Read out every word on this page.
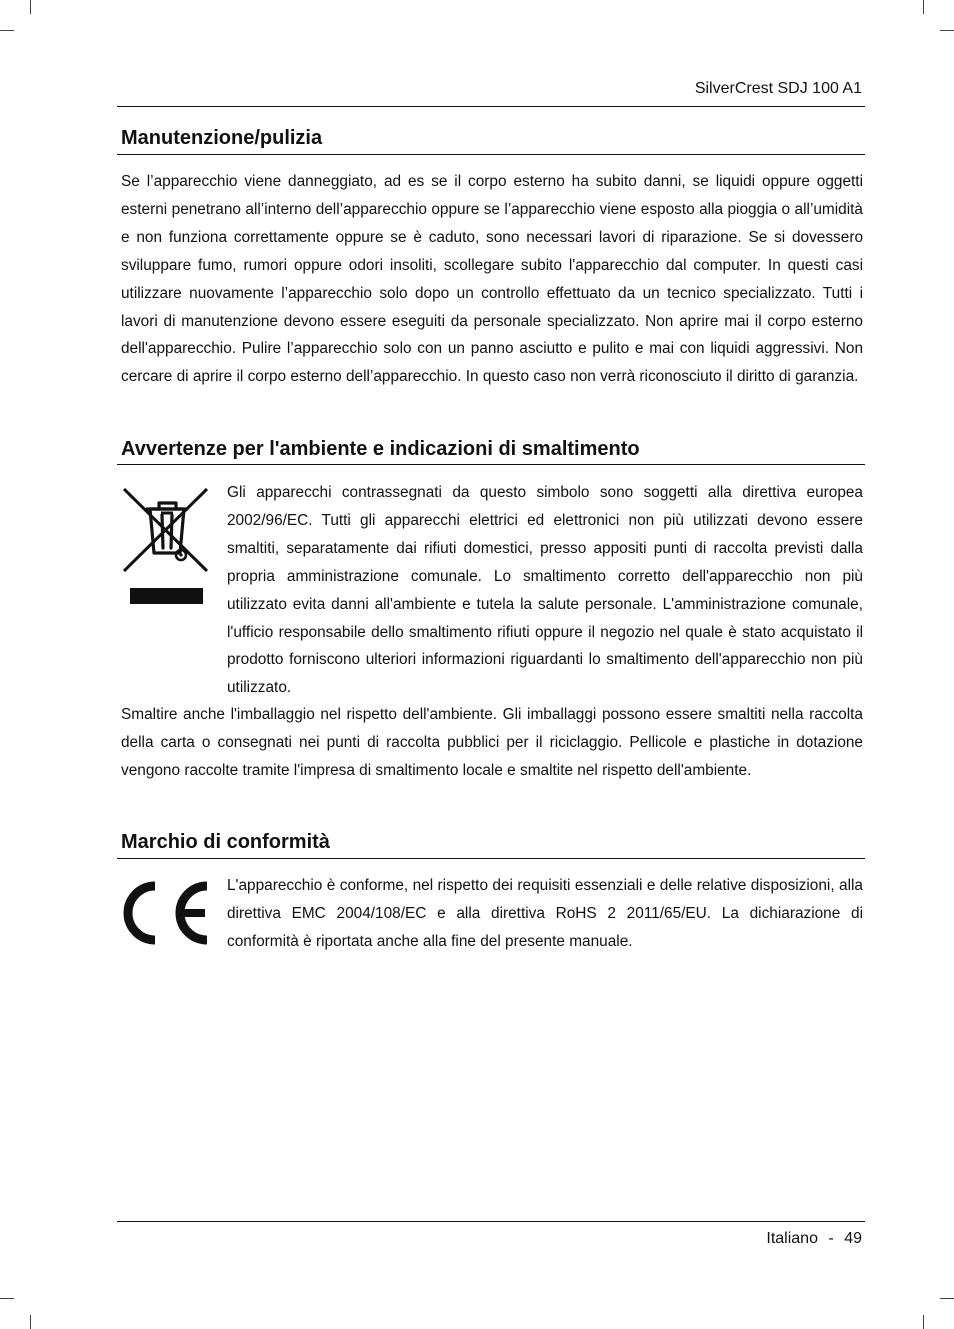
SilverCrest SDJ 100 A1
Manutenzione/pulizia

Se l’apparecchio viene danneggiato, ad es se il corpo esterno ha subito danni, se liquidi oppure oggetti esterni penetrano all’interno dell’apparecchio oppure se l’apparecchio viene esposto alla pioggia o all’umidità e non funziona correttamente oppure se è caduto, sono necessari lavori di riparazione. Se si dovessero sviluppare fumo, rumori oppure odori insoliti, scollegare subito l'apparecchio dal computer. In questi casi utilizzare nuovamente l’apparecchio solo dopo un controllo effettuato da un tecnico specializzato. Tutti i lavori di manutenzione devono essere eseguiti da personale specializzato. Non aprire mai il corpo esterno dell'apparecchio. Pulire l’apparecchio solo con un panno asciutto e pulito e mai con liquidi aggressivi. Non cercare di aprire il corpo esterno dell’apparecchio. In questo caso non verrà riconosciuto il diritto di garanzia.

Avvertenze per l'ambiente e indicazioni di smaltimento

Gli apparecchi contrassegnati da questo simbolo sono soggetti alla direttiva europea 2002/96/EC. Tutti gli apparecchi elettrici ed elettronici non più utilizzati devono essere smaltiti, separatamente dai rifiuti domestici, presso appositi punti di raccolta previsti dalla propria amministrazione comunale. Lo smaltimento corretto dell'apparecchio non più utilizzato evita danni all'ambiente e tutela la salute personale. L'amministrazione comunale, l'ufficio responsabile dello smaltimento rifiuti oppure il negozio nel quale è stato acquistato il prodotto forniscono ulteriori informazioni riguardanti lo smaltimento dell'apparecchio non più utilizzato.

Smaltire anche l'imballaggio nel rispetto dell'ambiente. Gli imballaggi possono essere smaltiti nella raccolta della carta o consegnati nei punti di raccolta pubblici per il riciclaggio. Pellicole e plastiche in dotazione vengono raccolte tramite l'impresa di smaltimento locale e smaltite nel rispetto dell'ambiente.

Marchio di conformità

L'apparecchio è conforme, nel rispetto dei requisiti essenziali e delle relative disposizioni, alla direttiva EMC 2004/108/EC e alla direttiva RoHS 2 2011/65/EU. La dichiarazione di conformità è riportata anche alla fine del presente manuale.

Italiano - 49
